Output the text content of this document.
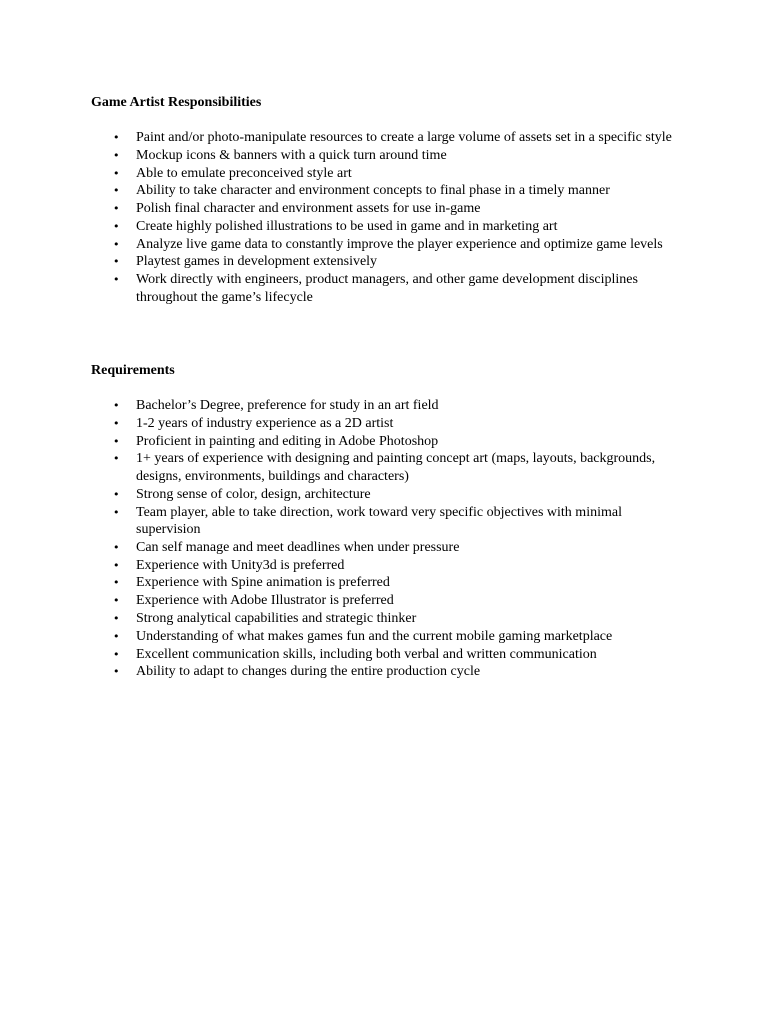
Game Artist Responsibilities
•	Paint and/or photo-manipulate resources to create a large volume of assets set in a specific style
•	Mockup icons & banners with a quick turn around time
•	Able to emulate preconceived style art
•	Ability to take character and environment concepts to final phase in a timely manner
•	Polish final character and environment assets for use in-game
•	Create highly polished illustrations to be used in game and in marketing art
•	Analyze live game data to constantly improve the player experience and optimize game levels
•	Playtest games in development extensively
•	Work directly with engineers, product managers, and other game development disciplines throughout the game’s lifecycle
Requirements
•	Bachelor’s Degree, preference for study in an art field
•	1-2 years of industry experience as a 2D artist
•	Proficient in painting and editing in Adobe Photoshop
•	1+ years of experience with designing and painting concept art (maps, layouts, backgrounds, designs, environments, buildings and characters)
•	Strong sense of color, design, architecture
•	Team player, able to take direction, work toward very specific objectives with minimal supervision
•	Can self manage and meet deadlines when under pressure
•	Experience with Unity3d is preferred
•	Experience with Spine animation is preferred
•	Experience with Adobe Illustrator is preferred
•	Strong analytical capabilities and strategic thinker
•	Understanding of what makes games fun and the current mobile gaming marketplace
•	Excellent communication skills, including both verbal and written communication
•	Ability to adapt to changes during the entire production cycle
